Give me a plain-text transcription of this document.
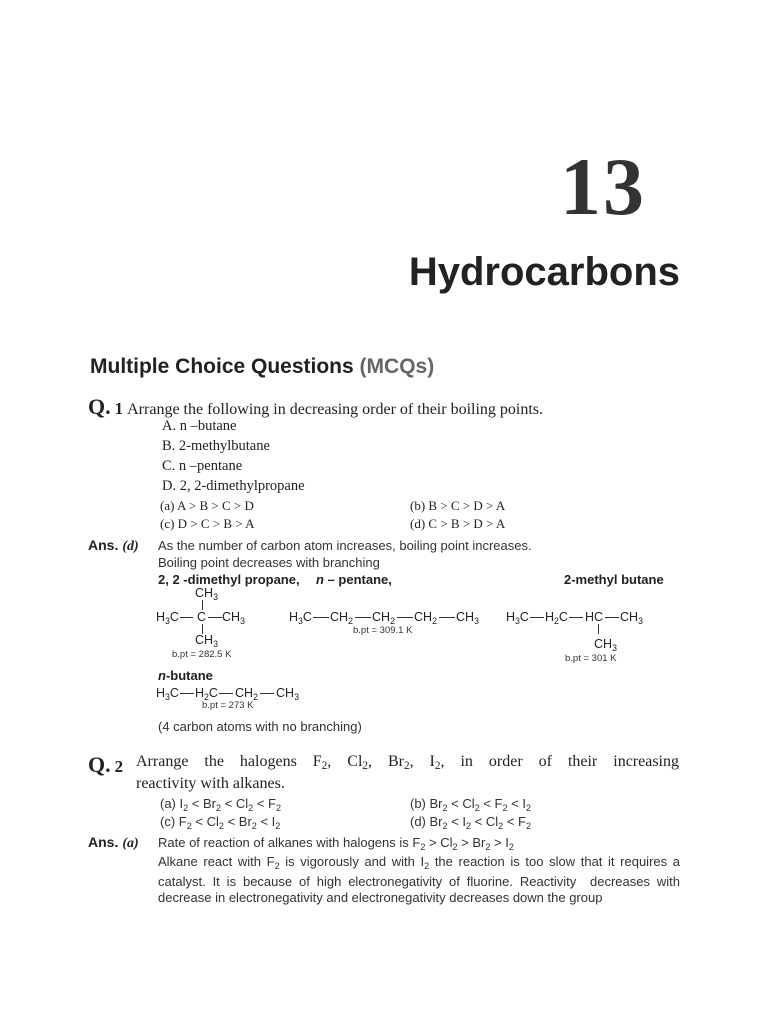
13
Hydrocarbons
Multiple Choice Questions (MCQs)
Q. 1 Arrange the following in decreasing order of their boiling points.
A. n –butane
B. 2-methylbutane
C. n –pentane
D. 2, 2-dimethylpropane
(a) A > B > C > D	(b) B > C > D > A
(c) D > C > B > A	(d) C > B > D > A
Ans. (d) As the number of carbon atom increases, boiling point increases.
Boiling point decreases with branching
2, 2 -dimethyl propane, n – pentane,	2-methyl butane
$CH_3$
$H_3C$ C $CH_3$
$CH_3$
b.pt = 282.5 K
$H_3C$ $CH_2$ $CH_2$ $CH_2$ $CH_3$
b.pt = 309.1 K
$H_3C$ $H_2C$ HC $CH_3$
$CH_3$
b.pt = 301 K
n-butane
$H_3C$ $H_2C$ $CH_2$ $CH_3$
b.pt = 273 K
(4 carbon atoms with no branching)
Q. 2 Arrange the halogens $F_2$, $Cl_2$, $Br_2$, $I_2$, in order of their increasing
reactivity with alkanes.
(a) $I_2 < Br_2 < Cl_2 < F_2$	(b) $Br_2 < Cl_2 < F_2 < I_2$
(c) $F_2 < Cl_2 < Br_2 < I_2$	(d) $Br_2 < I_2 < Cl_2 < F_2$
Ans. (a) Rate of reaction of alkanes with halogens is $F_2 > Cl_2 > Br_2 > I_2$
Alkane react with $F_2$ is vigorously and with $I_2$ the reaction is too slow that it requires a catalyst. It is because of high electronegativity of fluorine. Reactivity  decreases with decrease in electronegativity and electronegativity decreases down the group
